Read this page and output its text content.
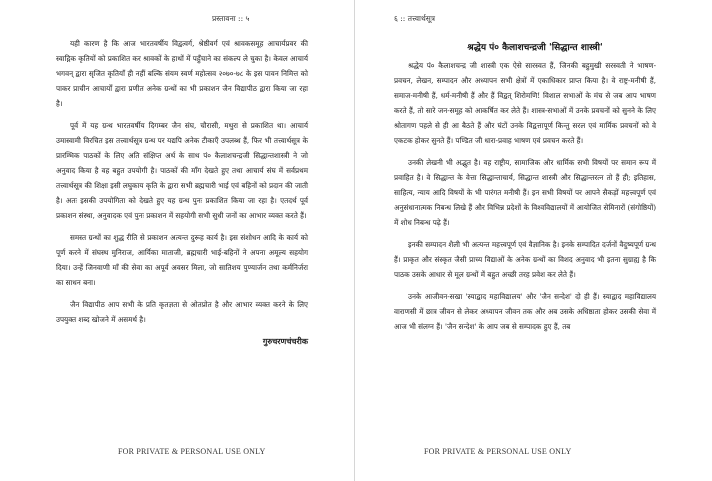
प्रस्तावना :: ५

यही कारण है कि आज भारतवर्षीय विद्वत्वर्ग, श्रेष्ठीवर्ग एवं श्रावकसमूह आचार्यप्रवर की स्वाद्गिक कृतियों को प्रकाशित कर श्रावकों के हाथों में पहुँचाने का संकल्प ले चुका है। केवल आचार्य भगवन् द्वारा सृजित कृतियाँ ही नहीं बल्कि संयम स्वर्ण महोत्सव २०७०-७८ के इस पावन निमित्त को पाकर प्राचीन आचार्यों द्वारा प्रणीत अनेक ग्रन्थों का भी प्रकाशन जैन विद्यापीठ द्वारा किया जा रहा है।

पूर्व में यह ग्रन्थ भारतवर्षीय दिगम्बर जैन संघ, चौरासी, मथुरा से प्रकाशित था। आचार्य उमास्वामी विरचित इस तत्त्वार्थसूत्र ग्रन्थ पर यद्यपि अनेक टीकाएँ उपलब्ध हैं, फिर भी तत्त्वार्थसूत्र के प्रारम्भिक पाठकों के लिए अति संक्षिप्त अर्थ के साथ पं० कैलाशचन्द्रजी सिद्धान्तशास्त्री ने जो अनुवाद किया है वह बहुत उपयोगी है। पाठकों की माँग देखते हुए तथा आचार्य संघ में सर्वप्रथम तत्त्वार्थसूत्र की शिक्षा इसी लघुकाय कृति के द्वारा सभी ब्रह्मचारी भाई एवं बहिनों को प्रदान की जाती है। अतः इसकी उपयोगिता को देखते हुए यह ग्रन्थ पुनः प्रकाशित किया जा रहा है। एतदर्थ पूर्व प्रकाशन संस्था, अनुवादक एवं पुनः प्रकाशन में सहयोगी सभी सुधी जनों का आभार व्यक्त करते हैं।

समस्त ग्रन्थों का शुद्ध रीति से प्रकाशन अत्यन्त दुरूह कार्य है। इस संशोधन आदि के कार्य को पूर्ण करने में संघस्थ मुनिराज, आर्यिका माताजी, ब्रह्मचारी भाई-बहिनों ने अपना अमूल्य सहयोग दिया। उन्हें जिनवाणी माँ की सेवा का अपूर्व अवसर मिला, जो सातिशय पुण्यार्जन तथा कर्मनिर्जरा का साधन बना।

जैन विद्यापीठ आप सभी के प्रति कृतज्ञता से ओतप्रोत है और आभार व्यक्त करने के लिए उपयुक्त शब्द खोजने में असमर्थ है।

गुरुचरणचंचरीक
FOR PRIVATE & PERSONAL USE ONLY
६ :: तत्त्वार्थसूत्र
श्रद्धेय पं० कैलाशचन्द्रजी 'सिद्धान्त शास्त्री'

श्रद्धेय पं० कैलाशचन्द्र जी शास्त्री एक ऐसे सारस्वत हैं, जिनकी बहुमुखी सरस्वती ने भाषण-प्रवचन, लेखन, सम्पादन और अध्यापन सभी क्षेत्रों में एकाधिकार प्राप्त किया है। वे राष्ट्र-मनीषी हैं, समाज-मनीषी हैं, धर्म-मनीषी हैं और हैं विद्वत् शिरोमणि! विशाल सभाओं के मंच से जब आप भाषण करते हैं, तो सारे जन-समूह को आकर्षित कर लेते हैं। शास्त्र-सभाओं में उनके प्रवचनों को सुनने के लिए श्रोतागण पहले से ही आ बैठते हैं और घंटों उनके विद्वत्तापूर्ण किन्तु सरल एवं मार्मिक प्रवचनों को वे एकटक होकर सुनते हैं। पण्डित जी धारा-प्रवाह भाषण एवं प्रवचन करते हैं।

उनकी लेखनी भी अद्भुत है। वह राष्ट्रीय, सामाजिक और धार्मिक सभी विषयों पर समान रूप में प्रवाहित है। वे सिद्धान्त के वेत्ता सिद्धान्ताचार्य, सिद्धान्त शास्त्री और सिद्धान्तरत्न तो हैं ही; इतिहास, साहित्य, न्याय आदि विषयों के भी पारंगत मनीषी हैं। इन सभी विषयों पर आपने सैकड़ों महत्त्वपूर्ण एवं अनुसंधानात्मक निबन्ध लिखे हैं और विभिन्न प्रदेशों के विश्वविद्यालयों में आयोजित सेमिनारों (संगोष्ठियों) में शोध निबन्ध पढ़े हैं।

इनकी सम्पादन शैली भी अत्यन्त महत्त्वपूर्ण एवं वैज्ञानिक है। इनके सम्पादित दर्जनों वैदुष्यपूर्ण ग्रन्थ हैं। प्राकृत और संस्कृत जैसी प्राच्य विद्याओं के अनेक ग्रन्थों का विशद अनुवाद भी इतना सुग्राह्य है कि पाठक उसके आधार से मूल ग्रन्थों में बहुत अच्छी तरह प्रवेश कर लेते हैं।

उनके आजीवन-सखा 'स्याद्वाद महाविद्यालय' और 'जैन सन्देश' दो ही हैं। स्याद्वाद महाविद्यालय वाराणसी में छात्र जीवन से लेकर अध्यापन जीवन तक और अब उसके अधिष्ठाता होकर उसकी सेवा में आज भी संलग्न हैं। 'जैन सन्देश' के आप जब से सम्पादक हुए हैं, तब

FOR PRIVATE & PERSONAL USE ONLY
